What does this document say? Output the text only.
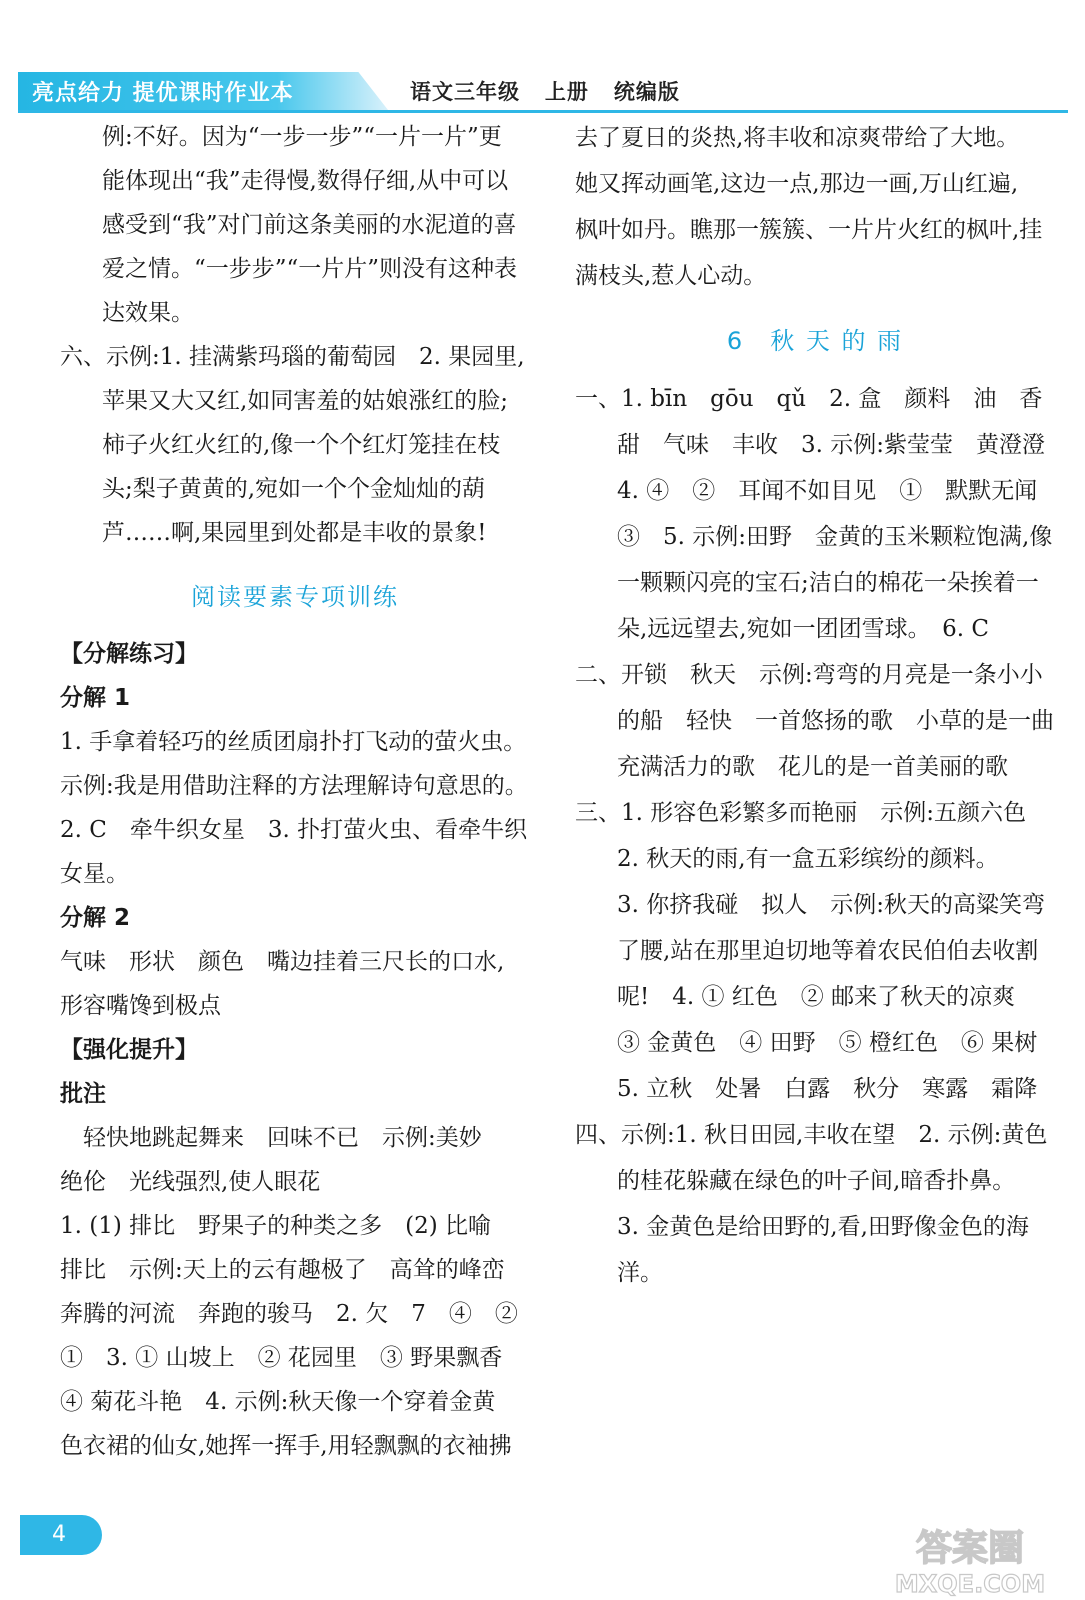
亮点给力 提优课时作业本	语文三年级   上册   统编版

例:不好。因为“一步一步”“一片一片”更

能体现出“我”走得慢,数得仔细,从中可以

感受到“我”对门前这条美丽的水泥道的喜

爱之情。“一步步”“一片片”则没有这种表

达效果。

六、示例:1. 挂满紫玛瑙的葡萄园　2. 果园里,苹果又大又红,如同害羞的姑娘涨红的脸;柿子火红火红的,像一个个红灯笼挂在枝头;梨子黄黄的,宛如一个个金灿灿的葫芦……啊,果园里到处都是丰收的景象!

阅读要素专项训练

【分解练习】

分解 1

1. 手拿着轻巧的丝质团扇扑打飞动的萤火虫。

示例:我是用借助注释的方法理解诗句意思的。

2. C　牵牛织女星　3. 扑打萤火虫、看牵牛织

女星。

分解 2

气味　形状　颜色　嘴边挂着三尺长的口水,

形容嘴馋到极点

【强化提升】

批注

　轻快地跳起舞来　回味不已　示例:美妙

绝伦　光线强烈,使人眼花

1. (1) 排比　野果子的种类之多　(2) 比喻

排比　示例:天上的云有趣极了　高耸的峰峦

奔腾的河流　奔跑的骏马　2. 欠　7　④　②

①　3. ① 山坡上　② 花园里　③ 野果飘香

④ 菊花斗艳　4. 示例:秋天像一个穿着金黄

色衣裙的仙女,她挥一挥手,用轻飘飘的衣袖拂

去了夏日的炎热,将丰收和凉爽带给了大地。

她又挥动画笔,这边一点,那边一画,万山红遍,

枫叶如丹。瞧那一簇簇、一片片火红的枫叶,挂

满枝头,惹人心动。

6　秋 天 的 雨

一、1. bīn　gōu　qǔ　2. 盒　颜料　油　香甜　气味　丰收　3. 示例:紫莹莹　黄澄澄　4. ④　②　耳闻不如目见　①　默默无闻　③　5. 示例:田野　金黄的玉米颗粒饱满,像一颗颗闪亮的宝石;洁白的棉花一朵挨着一朵,远远望去,宛如一团团雪球。　6. C

二、开锁　秋天　示例:弯弯的月亮是一条小小的船　轻快　一首悠扬的歌　小草的是一曲充满活力的歌　花儿的是一首美丽的歌

三、1. 形容色彩繁多而艳丽　示例:五颜六色

2. 秋天的雨,有一盒五彩缤纷的颜料。

3. 你挤我碰　拟人　示例:秋天的高粱笑弯了腰,站在那里迫切地等着农民伯伯去收割呢!　4. ① 红色　② 邮来了秋天的凉爽　③ 金黄色　④ 田野　⑤ 橙红色　⑥ 果树　5. 立秋　处暑　白露　秋分　寒露　霜降

四、示例:1. 秋日田园,丰收在望　2. 示例:黄色的桂花躲藏在绿色的叶子间,暗香扑鼻。

3. 金黄色是给田野的,看,田野像金色的海洋。

4	答案圈
MXQE.COM
